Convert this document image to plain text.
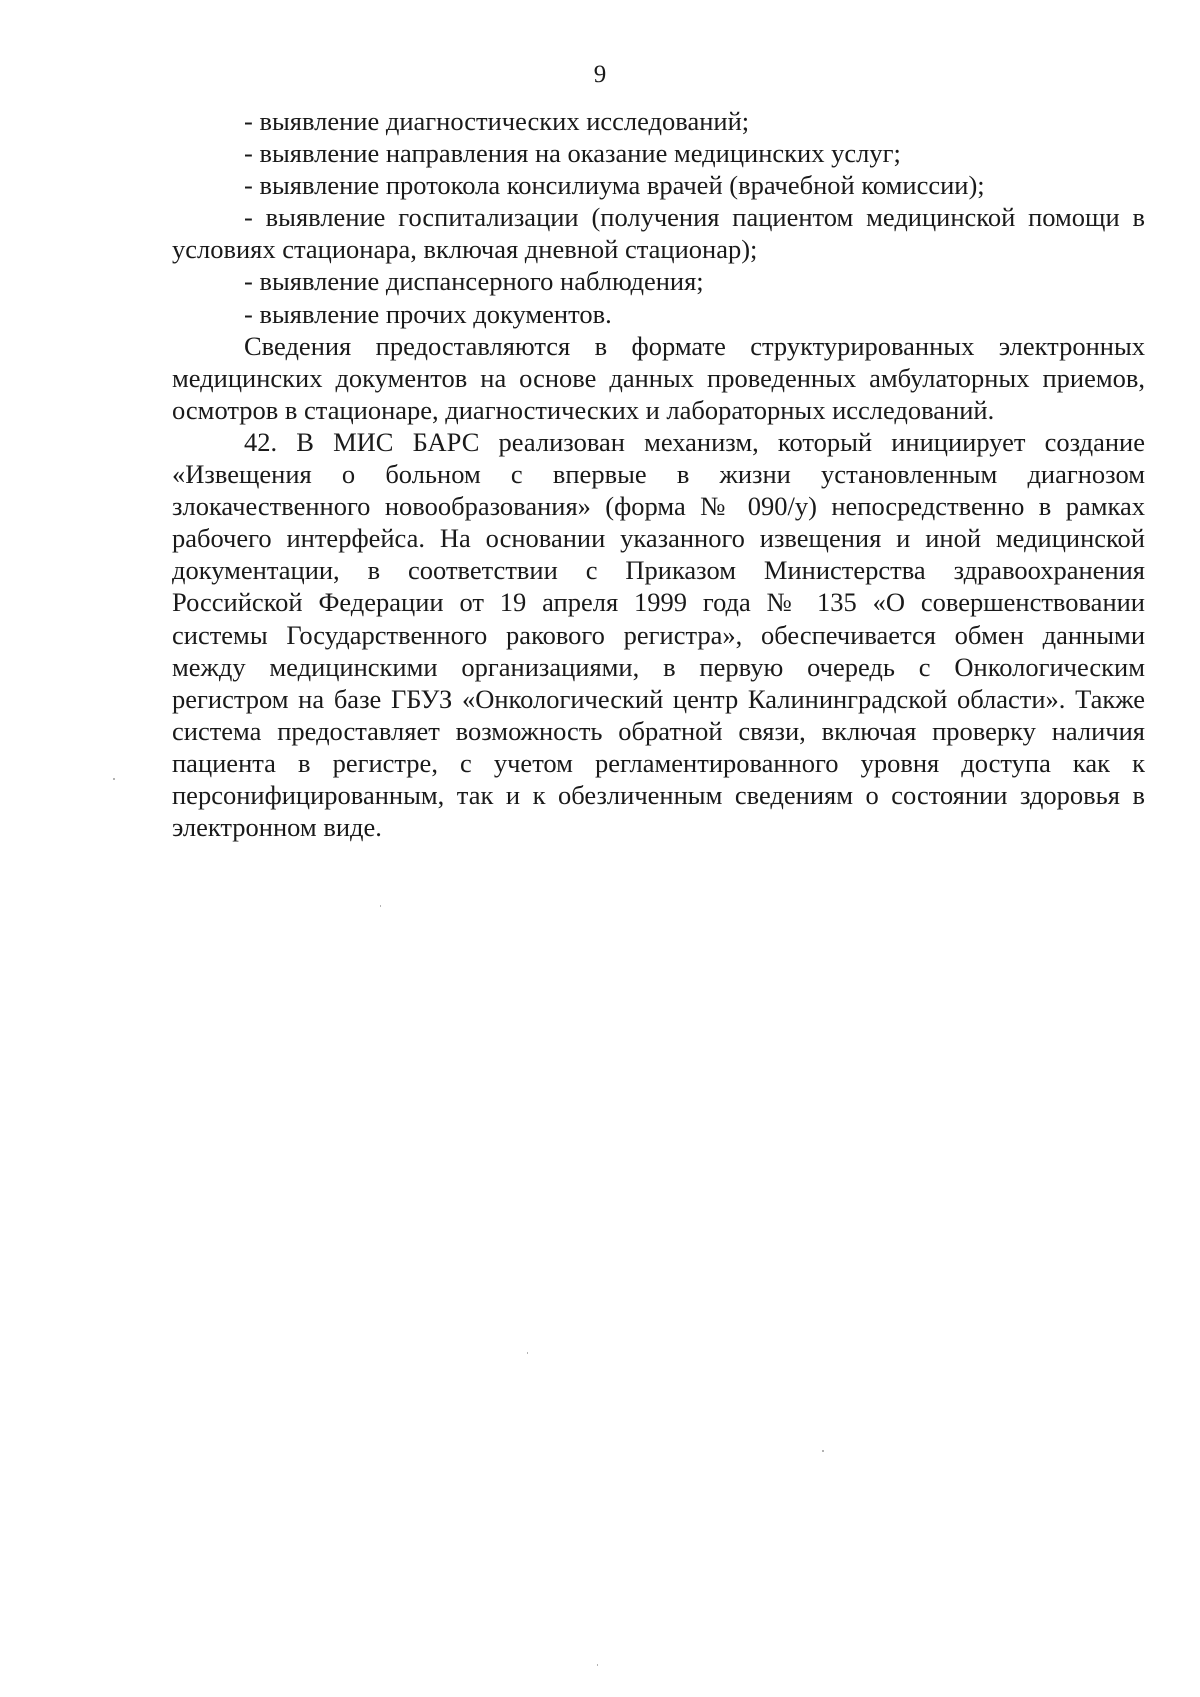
9

- выявление диагностических исследований;

- выявление направления на оказание медицинских услуг;

- выявление протокола консилиума врачей (врачебной комиссии);

- выявление госпитализации (получения пациентом медицинской помощи в условиях стационара, включая дневной стационар);

- выявление диспансерного наблюдения;

- выявление прочих документов.

Сведения предоставляются в формате структурированных электронных медицинских документов на основе данных проведенных амбулаторных приемов, осмотров в стационаре, диагностических и лабораторных исследований.

42. В МИС БАРС реализован механизм, который инициирует создание «Извещения о больном с впервые в жизни установленным диагнозом злокачественного новообразования» (форма № 090/у) непосредственно в рамках рабочего интерфейса. На основании указанного извещения и иной медицинской документации, в соответствии с Приказом Министерства здравоохранения Российской Федерации от 19 апреля 1999 года № 135 «О совершенствовании системы Государственного ракового регистра», обеспечивается обмен данными между медицинскими организациями, в первую очередь с Онкологическим регистром на базе ГБУЗ «Онкологический центр Калининградской области». Также система предоставляет возможность обратной связи, включая проверку наличия пациента в регистре, с учетом регламентированного уровня доступа как к персонифицированным, так и к обезличенным сведениям о состоянии здоровья в электронном виде.
